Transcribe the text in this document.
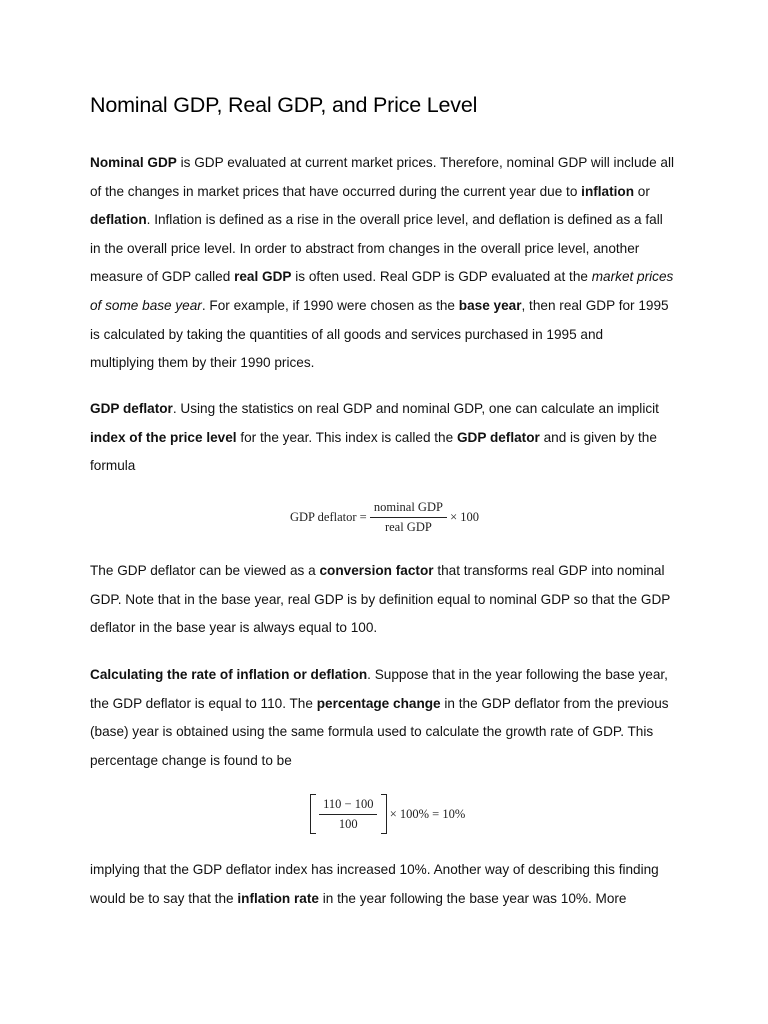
Nominal GDP, Real GDP, and Price Level
Nominal GDP is GDP evaluated at current market prices. Therefore, nominal GDP will include all
of the changes in market prices that have occurred during the current year due to inflation or
deflation. Inflation is defined as a rise in the overall price level, and deflation is defined as a fall
in the overall price level. In order to abstract from changes in the overall price level, another
measure of GDP called real GDP is often used. Real GDP is GDP evaluated at the market prices
of some base year. For example, if 1990 were chosen as the base year, then real GDP for 1995
is calculated by taking the quantities of all goods and services purchased in 1995 and
multiplying them by their 1990 prices.
GDP deflator. Using the statistics on real GDP and nominal GDP, one can calculate an implicit
index of the price level for the year. This index is called the GDP deflator and is given by the
formula
GDP deflator = $\frac{\text{nominal GDP}}{\text{real GDP}} \times 100$
The GDP deflator can be viewed as a conversion factor that transforms real GDP into nominal
GDP. Note that in the base year, real GDP is by definition equal to nominal GDP so that the GDP
deflator in the base year is always equal to 100.
Calculating the rate of inflation or deflation. Suppose that in the year following the base year,
the GDP deflator is equal to 110. The percentage change in the GDP deflator from the previous
(base) year is obtained using the same formula used to calculate the growth rate of GDP. This
percentage change is found to be

$\frac{110 - 100}{100} \times 100\% = 10\%$
implying that the GDP deflator index has increased 10%. Another way of describing this finding
would be to say that the inflation rate in the year following the base year was 10%. More
